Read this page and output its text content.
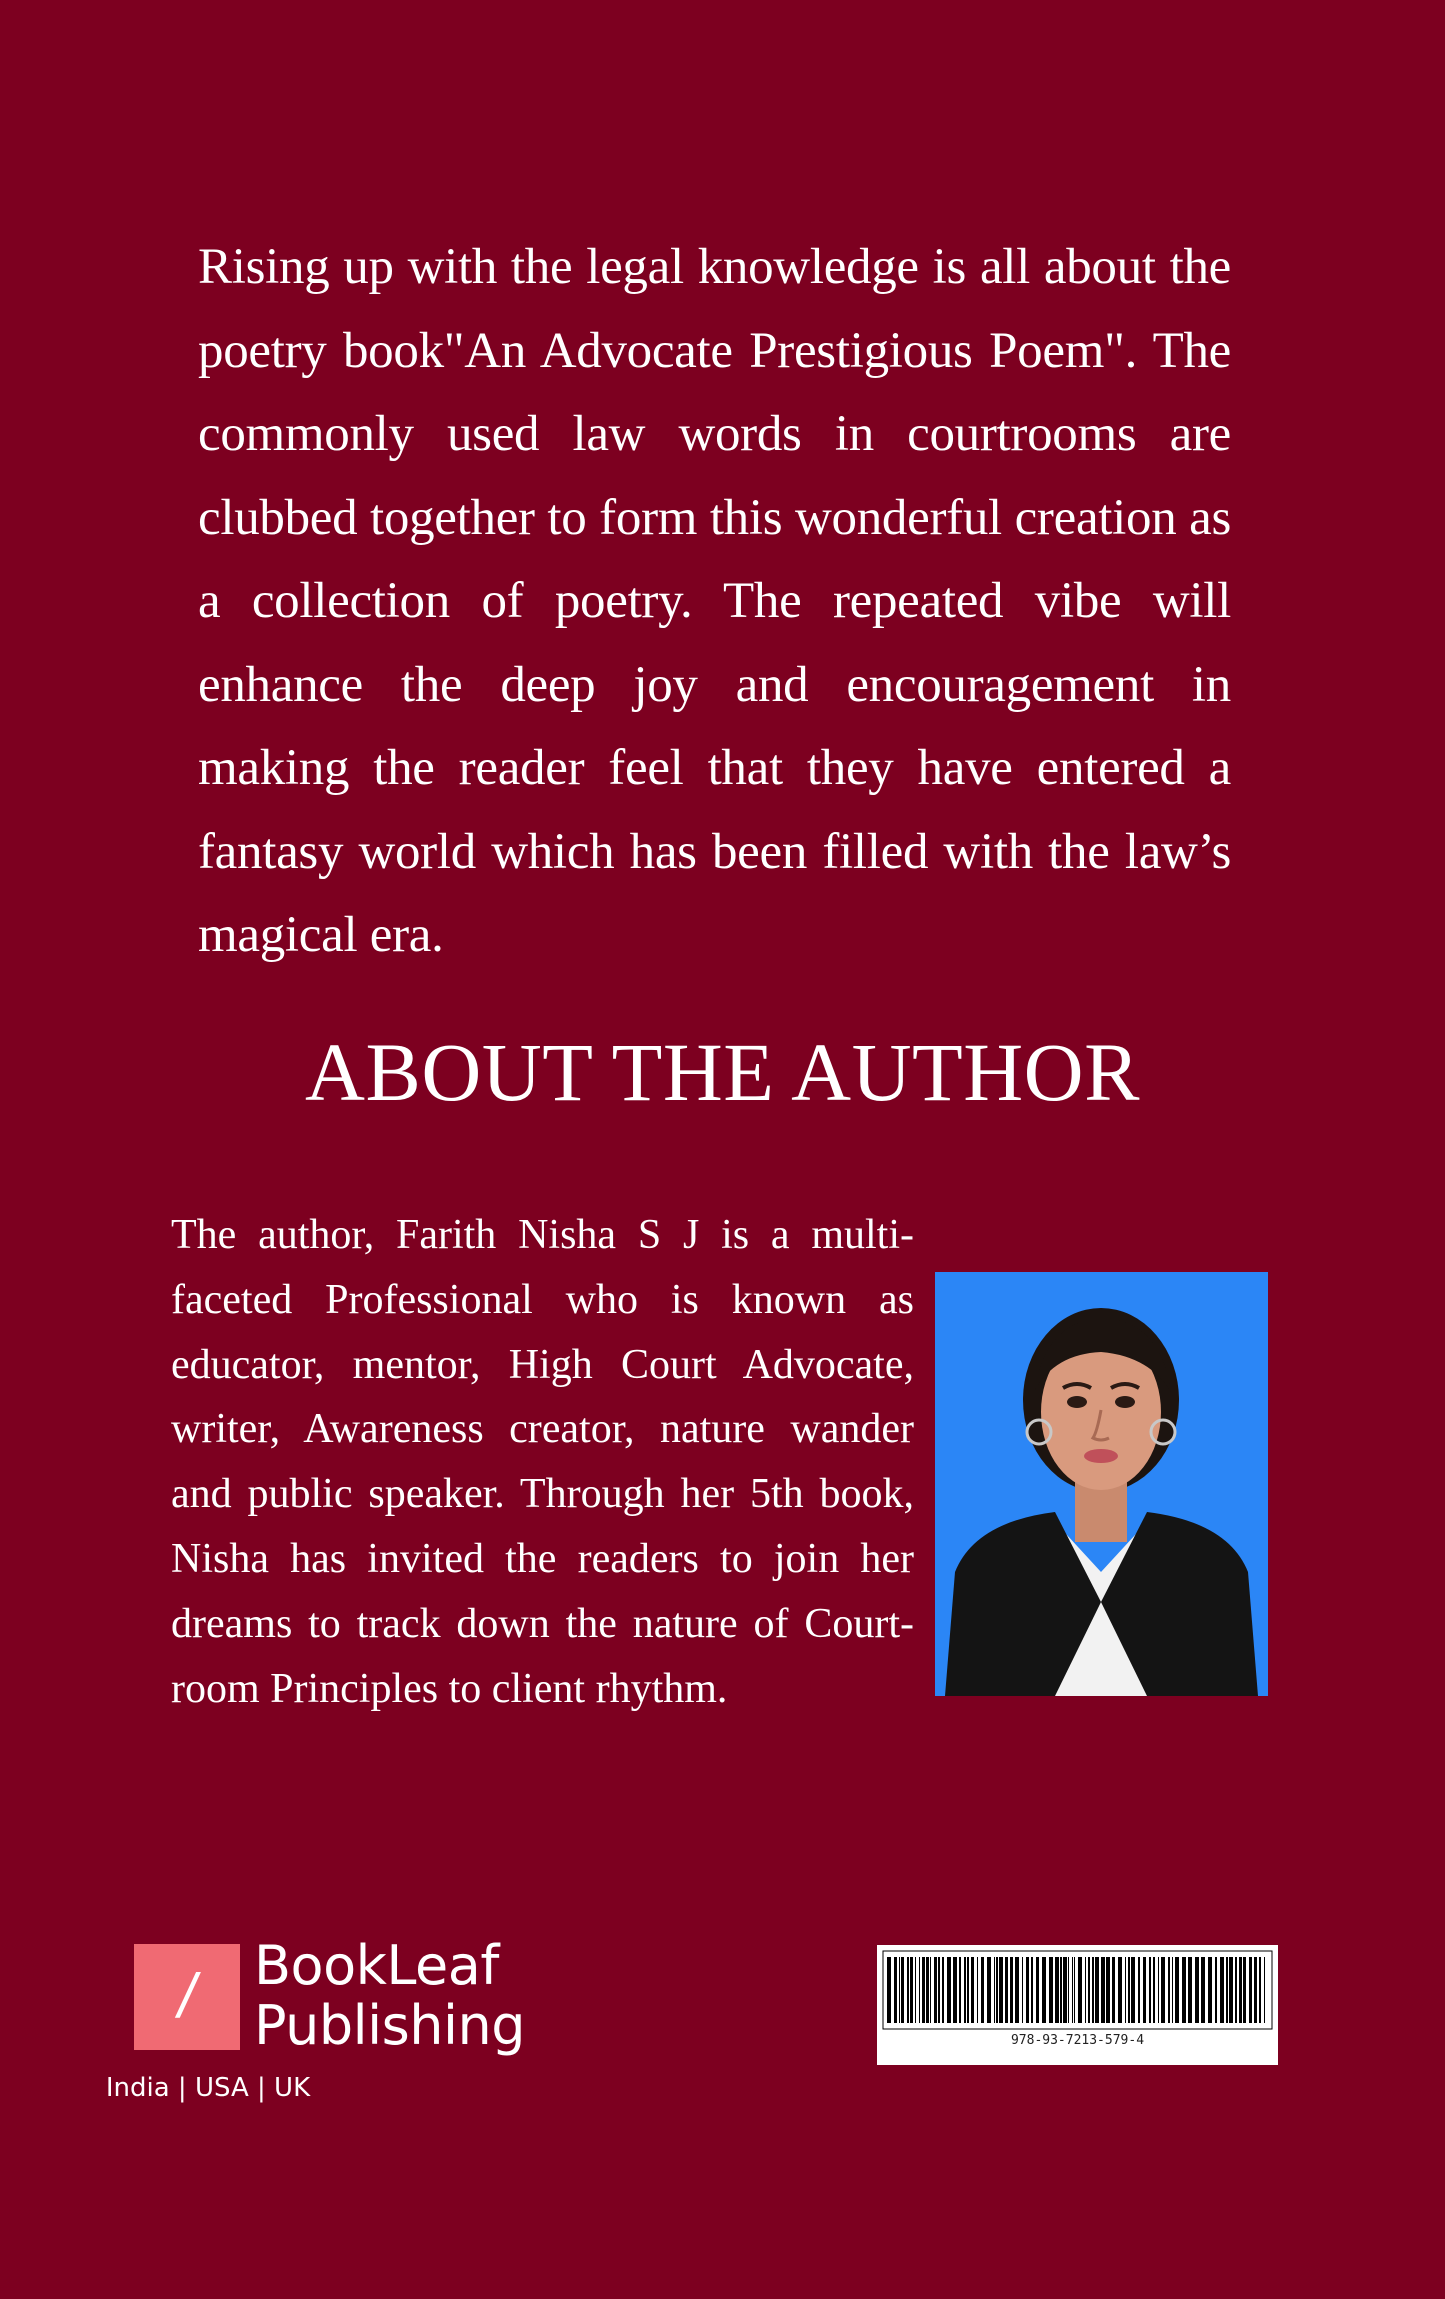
Rising up with the legal knowledge is all about the poetry book"An Advocate Prestigious Poem". The commonly used law words in courtrooms are clubbed together to form this wonderful creation as a collection of poetry. The repeated vibe will enhance the deep joy and encouragement in making the reader feel that they have entered a fantasy world which has been filled with the law’s magical era.

ABOUT THE AUTHOR

The author, Farith Nisha S J is a multi-faceted Professional who is known as educator, mentor, High Court Advocate, writer, Awareness creator, nature wander and public speaker. Through her 5th book, Nisha has invited the readers to join her dreams to track down the nature of Court-room Principles to client rhythm.

/	BookLeaf
Publishing
India | USA | UK
978-93-7213-579-4
